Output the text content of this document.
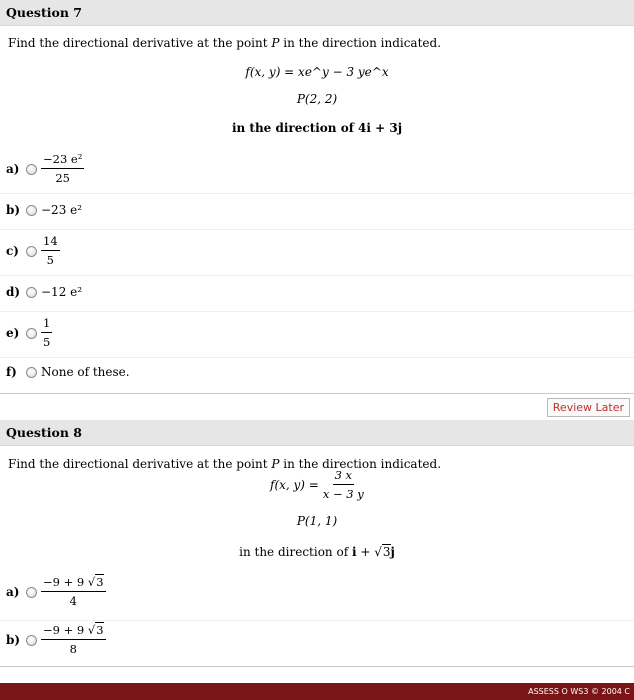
Question 7
Find the directional derivative at the point P in the direction indicated.
f(x, y) = xe^y − 3 ye^x
P(2, 2)
in the direction of 4i + 3j
a)	$\frac{\text{−23 e²}}{25}$
b)	−23 e²
c)	$\frac{14}{5}$
d)	−12 e²
e)	$\frac{1}{5}$
f)	None of these.
Review Later
Question 8
Find the directional derivative at the point P in the direction indicated.
f(x, $y) = \frac{3 x}{x - 3 y}$
P(1, 1)
in the direction of i + √3j
a)	$\frac{-9 + 9 √3}{4}$
b)	$\frac{-9 + 9 √3}{8}$
ASSESS O WS3 © 2004 C
